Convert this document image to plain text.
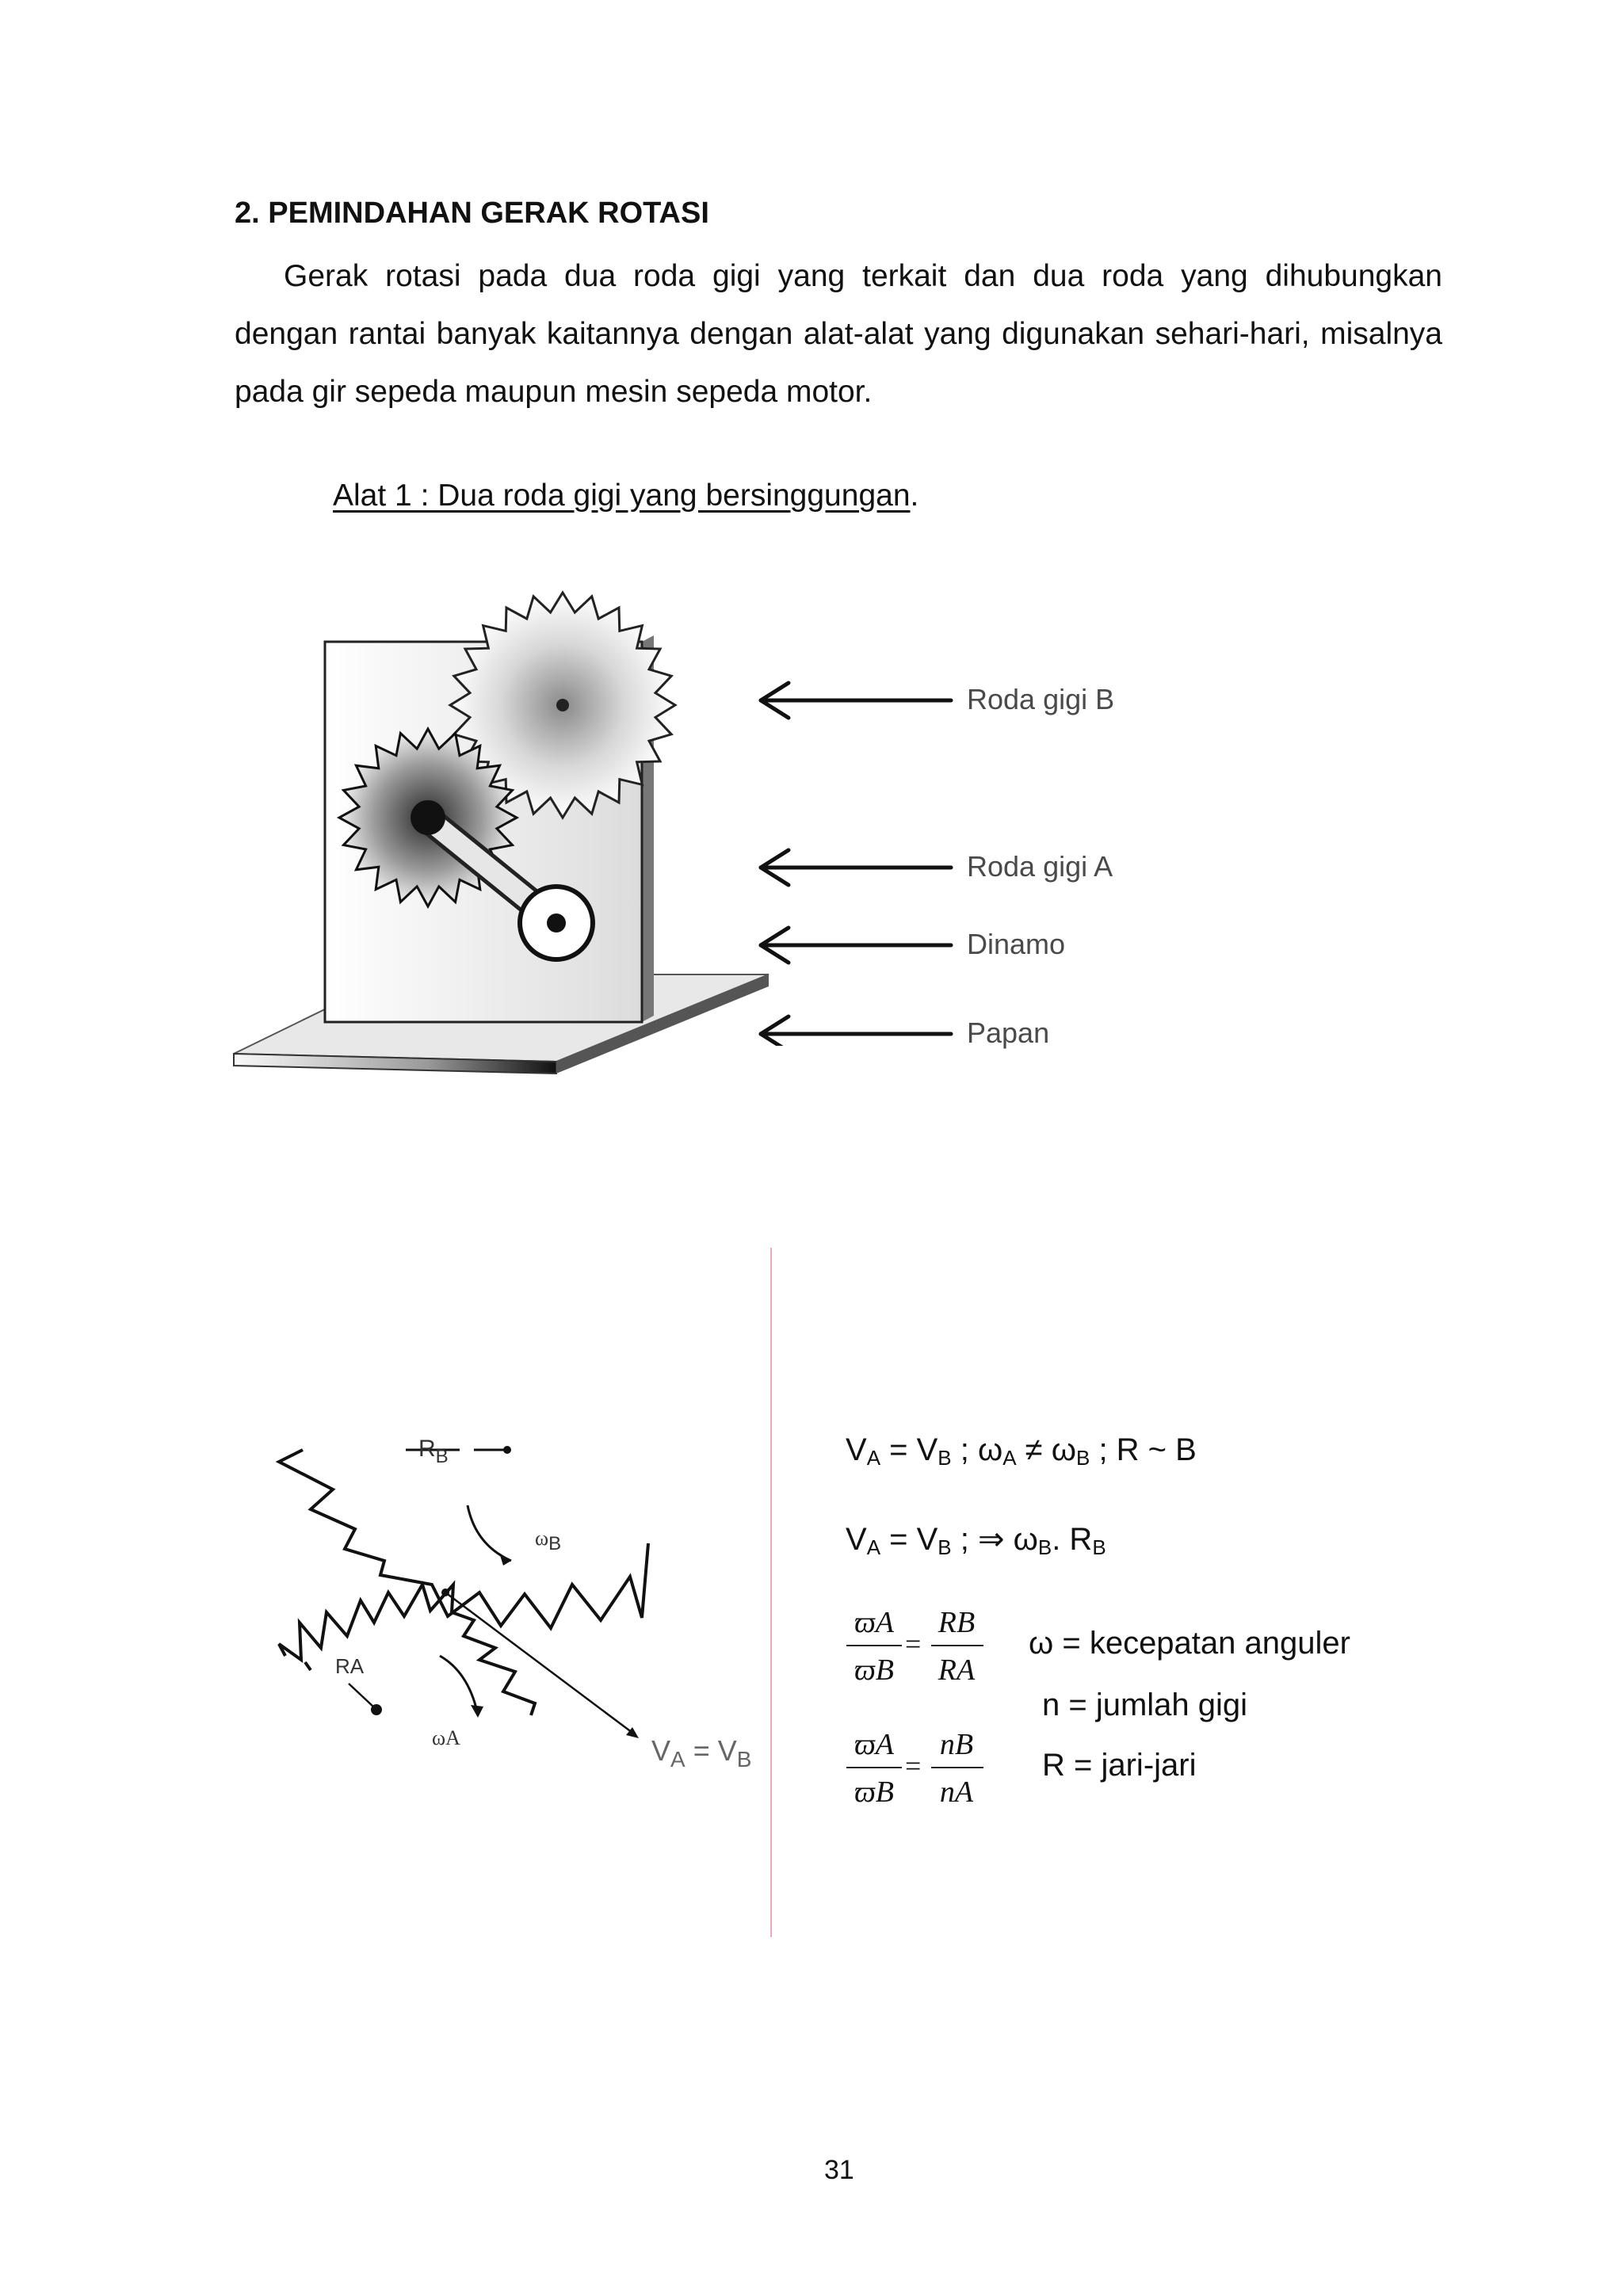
2. PEMINDAHAN GERAK ROTASI

Gerak rotasi pada dua roda gigi yang terkait dan dua roda yang dihubungkan dengan rantai banyak kaitannya dengan alat-alat yang digunakan sehari-hari, misalnya pada gir sepeda maupun mesin sepeda motor.

Alat 1 : Dua roda gigi yang bersinggungan.
Roda gigi B
Roda gigi A
Dinamo
Papan
$R_B$
ωB
RA
ωA	$V_A = V_B$
$V_A = V_B$ ; $\omega_A \ne \omega_B$ ; R ~ B
$V_A = V_B$ ; ⇒ $\omega_B$. $R_B$
ϖA
ϖB
=
RB
RA
ϖA
ϖB
=
nB
nA
ω = kecepatan anguler
n = jumlah gigi
R = jari-jari
31
